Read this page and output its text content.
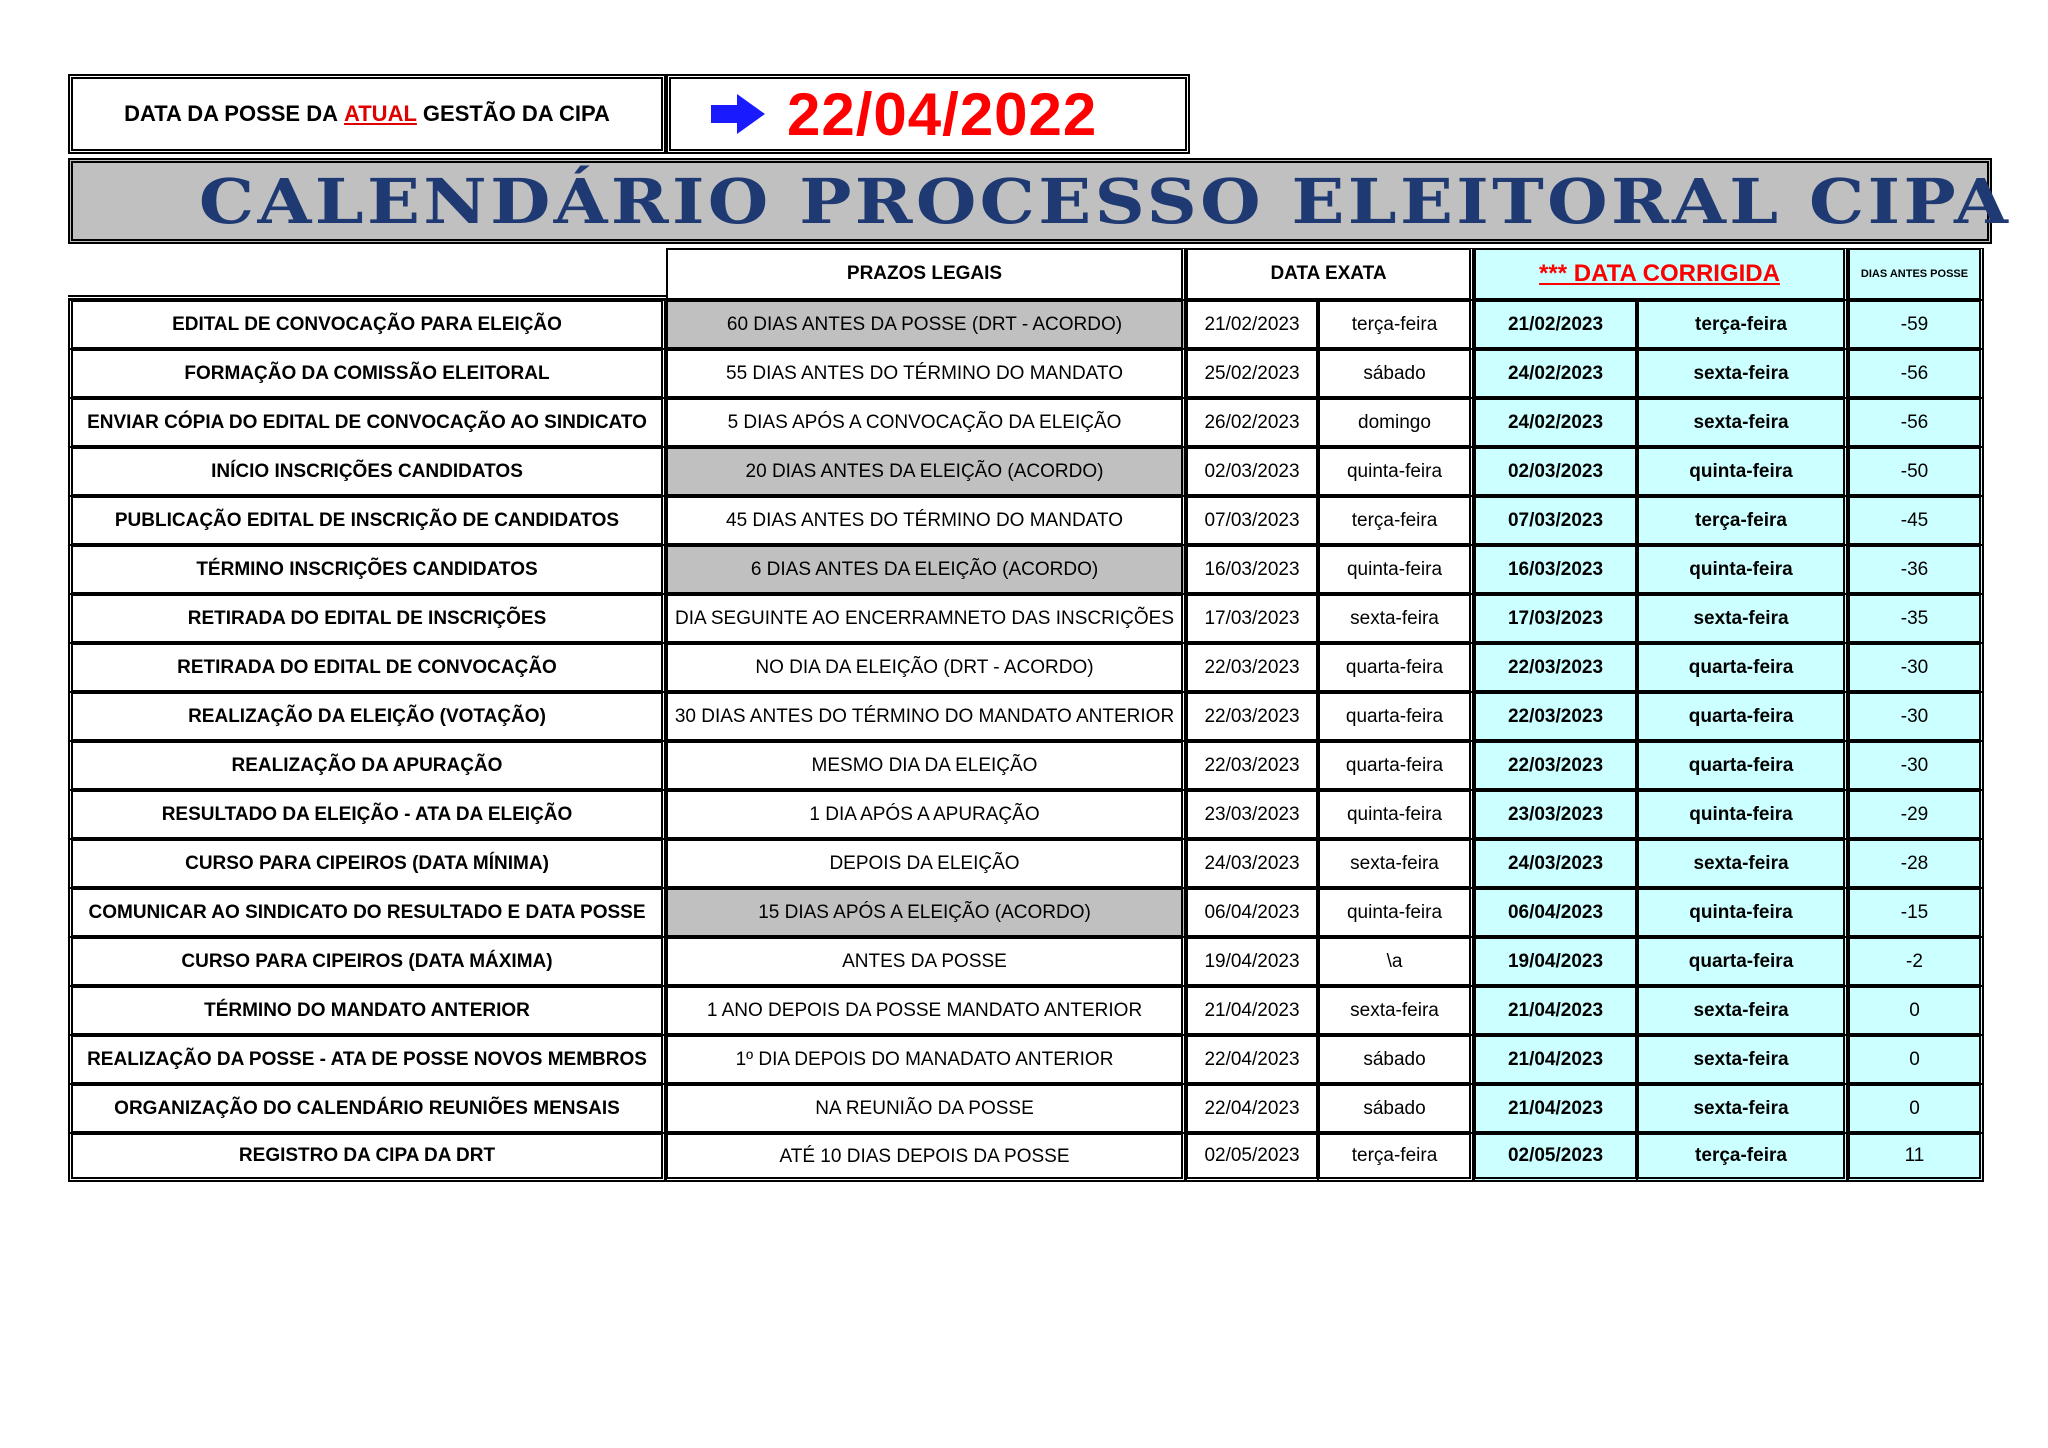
DATA DA POSSE DA ATUAL GESTÃO DA CIPA	22/04/2022
CALENDÁRIO PROCESSO ELEITORAL CIPA
	PRAZOS LEGAIS	DATA EXATA		*** DATA CORRIGIDA		DIAS ANTES POSSE
EDITAL DE CONVOCAÇÃO PARA ELEIÇÃO	60 DIAS ANTES DA POSSE (DRT - ACORDO)	21/02/2023	terça-feira	21/02/2023	terça-feira	-59
FORMAÇÃO DA COMISSÃO ELEITORAL	55 DIAS ANTES DO TÉRMINO DO MANDATO	25/02/2023	sábado	24/02/2023	sexta-feira	-56
ENVIAR CÓPIA DO EDITAL DE CONVOCAÇÃO AO SINDICATO	5 DIAS APÓS A CONVOCAÇÃO DA ELEIÇÃO	26/02/2023	domingo	24/02/2023	sexta-feira	-56
INÍCIO INSCRIÇÕES CANDIDATOS	20 DIAS ANTES DA ELEIÇÃO (ACORDO)	02/03/2023	quinta-feira	02/03/2023	quinta-feira	-50
PUBLICAÇÃO EDITAL DE INSCRIÇÃO DE CANDIDATOS	45 DIAS ANTES DO TÉRMINO DO MANDATO	07/03/2023	terça-feira	07/03/2023	terça-feira	-45
TÉRMINO INSCRIÇÕES CANDIDATOS	6 DIAS ANTES DA ELEIÇÃO (ACORDO)	16/03/2023	quinta-feira	16/03/2023	quinta-feira	-36
RETIRADA DO EDITAL DE INSCRIÇÕES	DIA SEGUINTE AO ENCERRAMNETO DAS INSCRIÇÕES	17/03/2023	sexta-feira	17/03/2023	sexta-feira	-35
RETIRADA DO EDITAL DE CONVOCAÇÃO	NO DIA DA ELEIÇÃO (DRT - ACORDO)	22/03/2023	quarta-feira	22/03/2023	quarta-feira	-30
REALIZAÇÃO DA ELEIÇÃO (VOTAÇÃO)	30 DIAS ANTES DO TÉRMINO DO MANDATO ANTERIOR	22/03/2023	quarta-feira	22/03/2023	quarta-feira	-30
REALIZAÇÃO DA APURAÇÃO	MESMO DIA DA ELEIÇÃO	22/03/2023	quarta-feira	22/03/2023	quarta-feira	-30
RESULTADO DA ELEIÇÃO - ATA DA ELEIÇÃO	1 DIA APÓS A APURAÇÃO	23/03/2023	quinta-feira	23/03/2023	quinta-feira	-29
CURSO PARA CIPEIROS (DATA MÍNIMA)	DEPOIS DA ELEIÇÃO	24/03/2023	sexta-feira	24/03/2023	sexta-feira	-28
COMUNICAR AO SINDICATO DO RESULTADO E DATA POSSE	15 DIAS APÓS A ELEIÇÃO (ACORDO)	06/04/2023	quinta-feira	06/04/2023	quinta-feira	-15
CURSO PARA CIPEIROS (DATA MÁXIMA)	ANTES DA POSSE	19/04/2023	\a	19/04/2023	quarta-feira	-2
TÉRMINO DO MANDATO ANTERIOR	1 ANO DEPOIS DA POSSE MANDATO ANTERIOR	21/04/2023	sexta-feira	21/04/2023	sexta-feira	0
REALIZAÇÃO DA POSSE - ATA DE POSSE NOVOS MEMBROS	1º DIA DEPOIS DO MANADATO ANTERIOR	22/04/2023	sábado	21/04/2023	sexta-feira	0
ORGANIZAÇÃO DO CALENDÁRIO REUNIÕES MENSAIS	NA REUNIÃO DA POSSE	22/04/2023	sábado	21/04/2023	sexta-feira	0
REGISTRO DA CIPA DA DRT	ATÉ 10 DIAS DEPOIS DA POSSE	02/05/2023	terça-feira	02/05/2023	terça-feira	11
